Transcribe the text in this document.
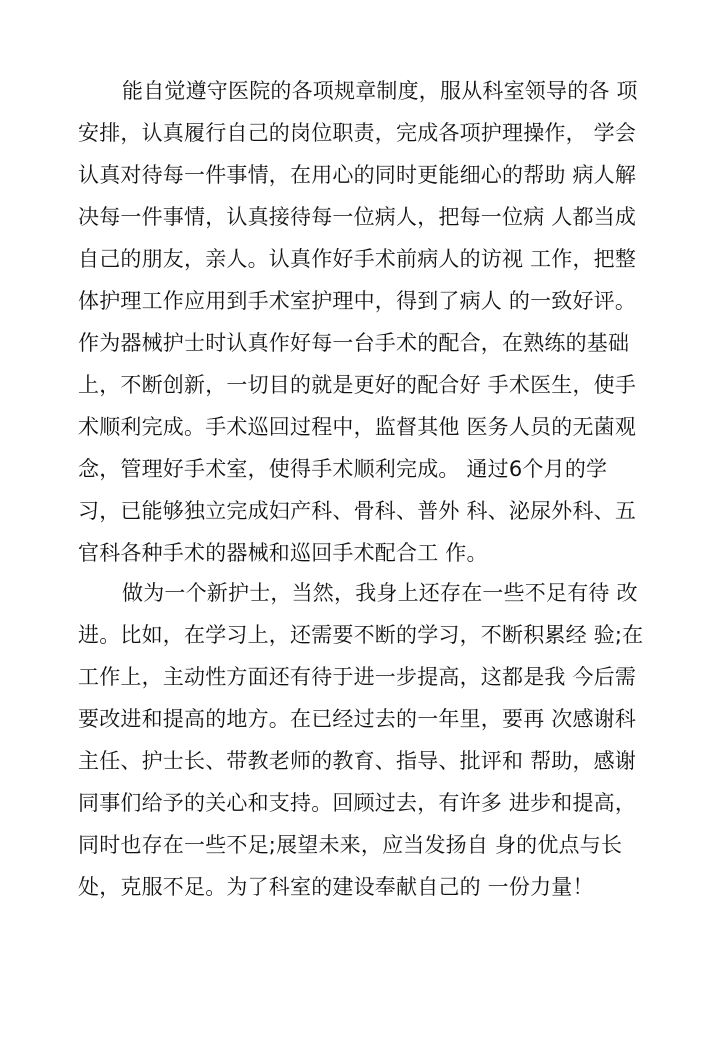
能自觉遵守医院的各项规章制度，服从科室领导的各 项
安排，认真履行自己的岗位职责，完成各项护理操作， 学会
认真对待每一件事情，在用心的同时更能细心的帮助 病人解
决每一件事情，认真接待每一位病人，把每一位病 人都当成
自己的朋友，亲人。认真作好手术前病人的访视 工作，把整
体护理工作应用到手术室护理中，得到了病人 的一致好评。
作为器械护士时认真作好每一台手术的配合，在熟练的基础
上，不断创新，一切目的就是更好的配合好 手术医生，使手
术顺利完成。手术巡回过程中，监督其他 医务人员的无菌观
念，管理好手术室，使得手术顺利完成。 通过6个月的学
习，已能够独立完成妇产科、骨科、普外 科、泌尿外科、五
官科各种手术的器械和巡回手术配合工 作。
做为一个新护士，当然，我身上还存在一些不足有待 改
进。比如，在学习上，还需要不断的学习，不断积累经 验;在
工作上，主动性方面还有待于进一步提高，这都是我 今后需
要改进和提高的地方。在已经过去的一年里，要再 次感谢科
主任、护士长、带教老师的教育、指导、批评和 帮助，感谢
同事们给予的关心和支持。回顾过去，有许多 进步和提高，
同时也存在一些不足;展望未来，应当发扬自 身的优点与长
处，克服不足。为了科室的建设奉献自己的 一份力量！
